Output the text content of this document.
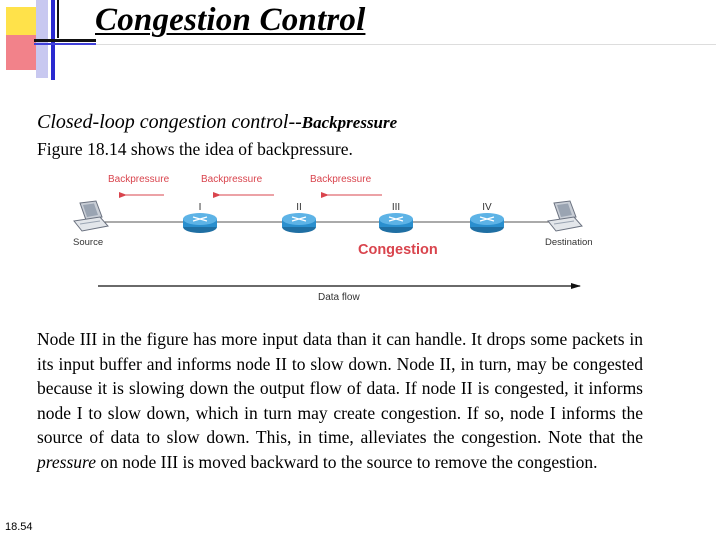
Congestion Control
Closed-loop congestion control--Backpressure
Figure 18.14 shows the idea of backpressure.
Backpressure	Backpressure	Backpressure
I	II	III	IV
Source	Destination
Congestion
Data flow

Node III in the figure has more input data than it can handle. It drops some packets in its input buffer and informs node II to slow down. Node II, in turn, may be congested because it is slowing down the output flow of data. If node II is congested, it informs node I to slow down, which in turn may create congestion. If so, node I informs the source of data to slow down. This, in time, alleviates the congestion. Note that the pressure on node III is moved backward to the source to remove the congestion.

18.54
